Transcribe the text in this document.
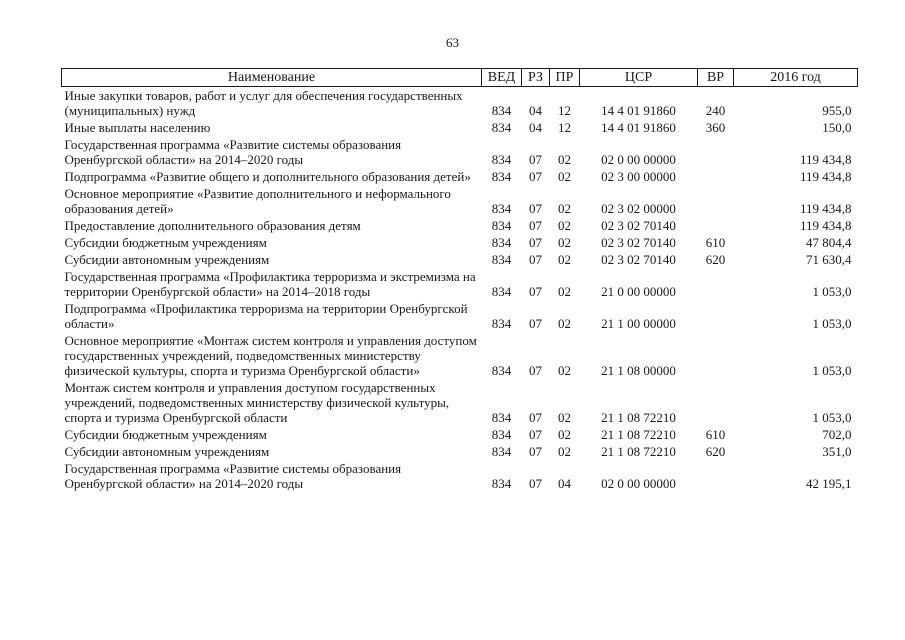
63
Наименование	ВЕД	РЗ	ПР	ЦСР	ВР	2016 год
Иные закупки товаров, работ и услуг для обеспечения государственных (муниципальных) нужд	834	04	12	14 4 01 91860	240	955,0
Иные выплаты населению	834	04	12	14 4 01 91860	360	150,0
Государственная программа «Развитие системы образования Оренбургской области» на 2014–2020 годы	834	07	02	02 0 00 00000		119 434,8
Подпрограмма «Развитие общего и дополнительного образования детей»	834	07	02	02 3 00 00000		119 434,8
Основное мероприятие «Развитие дополнительного и неформального образования детей»	834	07	02	02 3 02 00000		119 434,8
Предоставление дополнительного образования детям	834	07	02	02 3 02 70140		119 434,8
Субсидии бюджетным учреждениям	834	07	02	02 3 02 70140	610	47 804,4
Субсидии автономным учреждениям	834	07	02	02 3 02 70140	620	71 630,4
Государственная программа «Профилактика терроризма и экстремизма на территории Оренбургской области» на 2014–2018 годы	834	07	02	21 0 00 00000		1 053,0
Подпрограмма «Профилактика терроризма на территории Оренбургской области»	834	07	02	21 1 00 00000		1 053,0
Основное мероприятие «Монтаж систем контроля и управления доступом государственных учреждений, подведомственных министерству физической культуры, спорта и туризма Оренбургской области»	834	07	02	21 1 08 00000		1 053,0
Монтаж систем контроля и управления доступом государственных учреждений, подведомственных министерству физической культуры, спорта и туризма Оренбургской области	834	07	02	21 1 08 72210		1 053,0
Субсидии бюджетным учреждениям	834	07	02	21 1 08 72210	610	702,0
Субсидии автономным учреждениям	834	07	02	21 1 08 72210	620	351,0
Государственная программа «Развитие системы образования Оренбургской области» на 2014–2020 годы	834	07	04	02 0 00 00000		42 195,1
